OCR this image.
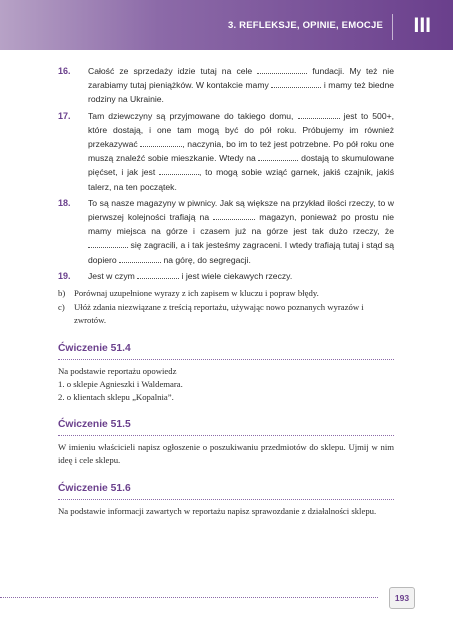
3. REFLEKSJE, OPINIE, EMOCJE III
16. Całość ze sprzedaży idzie tutaj na cele	fundacji. My też nie zarabiamy tutaj pieniążków. W kontakcie mamy	i mamy też biedne rodziny na Ukrainie.
17. Tam dziewczyny są przyjmowane do takiego domu,	jest to 500+, które dostają, i one tam mogą być do pół roku. Próbujemy im również przekazywać	, naczynia, bo im to też jest potrzebne. Po pół roku one muszą znaleźć sobie mieszkanie. Wtedy na	dostają to skumulowane pięćset, i jak jest	, to mogą sobie wziąć garnek, jakiś czajnik, jakiś talerz, na ten początek.
18. To są nasze magazyny w piwnicy. Jak są większe na przykład ilości rzeczy, to w pierwszej kolejności trafiają na	magazyn, ponieważ po prostu nie mamy miejsca na górze i czasem już na górze jest tak dużo rzeczy, że  się zagracili, a i tak jesteśmy zagraceni. I wtedy trafiają tutaj i stąd są dopiero	na górę, do segregacji.
19. Jest w czym	i jest wiele ciekawych rzeczy.
b) Porównaj uzupełnione wyrazy z ich zapisem w kluczu i popraw błędy.
c) Ułóż zdania niezwiązane z treścią reportażu, używając nowo poznanych wyrazów i zwrotów.
Ćwiczenie 51.4
Na podstawie reportażu opowiedz
1. o sklepie Agnieszki i Waldemara.
2. o klientach sklepu „Kopalnia”.
Ćwiczenie 51.5
W imieniu właścicieli napisz ogłoszenie o poszukiwaniu przedmiotów do sklepu. Ujmij w nim ideę i cele sklepu.
Ćwiczenie 51.6
Na podstawie informacji zawartych w reportażu napisz sprawozdanie z działalności sklepu.
193
